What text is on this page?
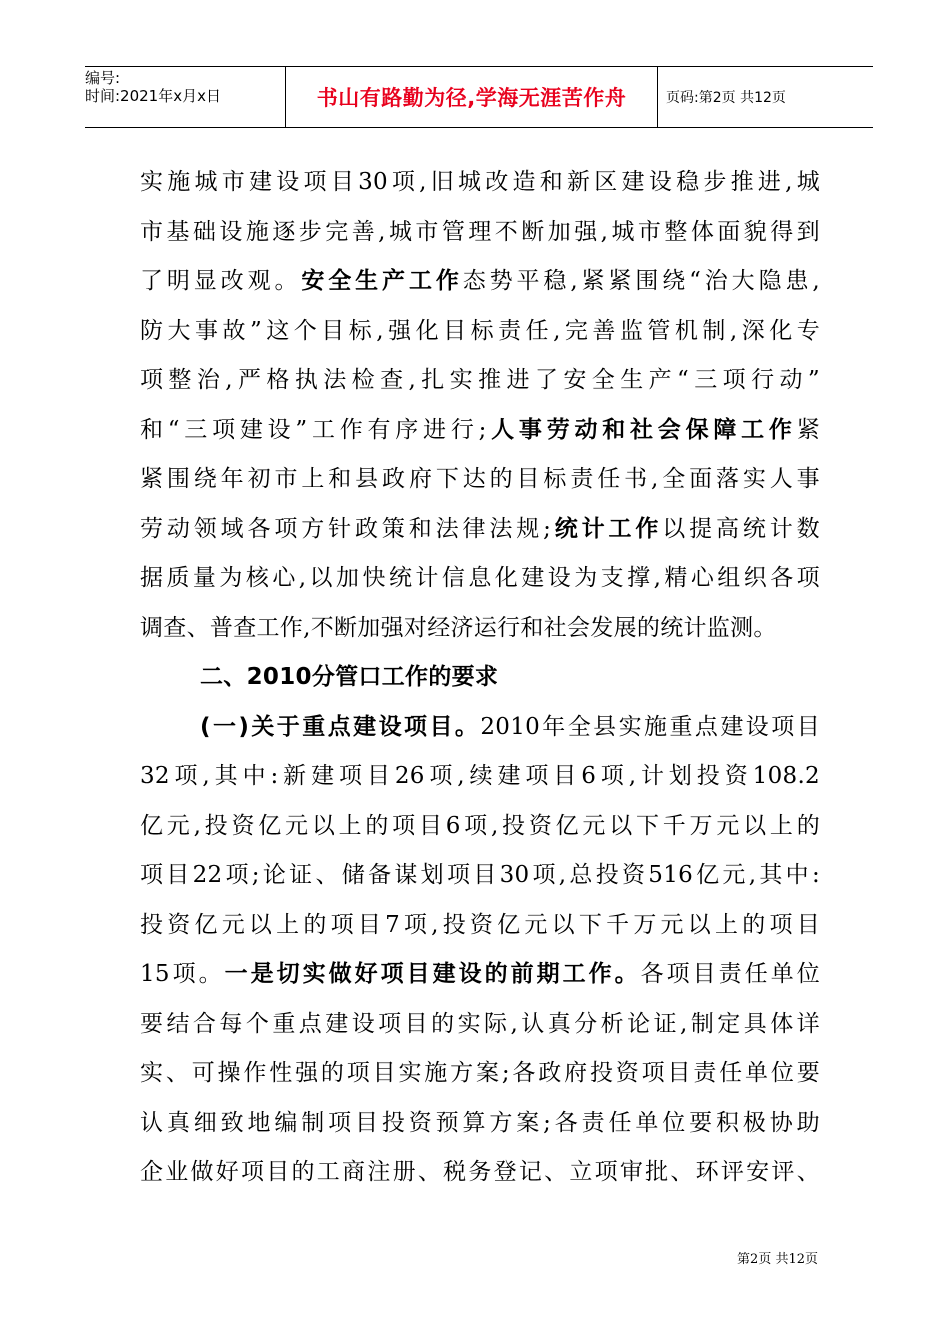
编号:
时间:2021年x月x日	书山有路勤为径,学海无涯苦作舟	页码:第2页 共12页
实施城市建设项目30项,旧城改造和新区建设稳步推进,城
市基础设施逐步完善,城市管理不断加强,城市整体面貌得到
了明显改观。安全生产工作态势平稳,紧紧围绕“治大隐患,
防大事故”这个目标,强化目标责任,完善监管机制,深化专
项整治,严格执法检查,扎实推进了安全生产“三项行动”
和“三项建设”工作有序进行;人事劳动和社会保障工作紧
紧围绕年初市上和县政府下达的目标责任书,全面落实人事
劳动领域各项方针政策和法律法规;统计工作以提高统计数
据质量为核心,以加快统计信息化建设为支撑,精心组织各项
调查、普查工作,不断加强对经济运行和社会发展的统计监测。
二、2010分管口工作的要求
(一)关于重点建设项目。2010年全县实施重点建设项目
32项,其中:新建项目26项,续建项目6项,计划投资108.2
亿元,投资亿元以上的项目6项,投资亿元以下千万元以上的
项目22项;论证、储备谋划项目30项,总投资516亿元,其中:
投资亿元以上的项目7项,投资亿元以下千万元以上的项目
15项。一是切实做好项目建设的前期工作。各项目责任单位
要结合每个重点建设项目的实际,认真分析论证,制定具体详
实、可操作性强的项目实施方案;各政府投资项目责任单位要
认真细致地编制项目投资预算方案;各责任单位要积极协助
企业做好项目的工商注册、税务登记、立项审批、环评安评、
第2页 共12页
